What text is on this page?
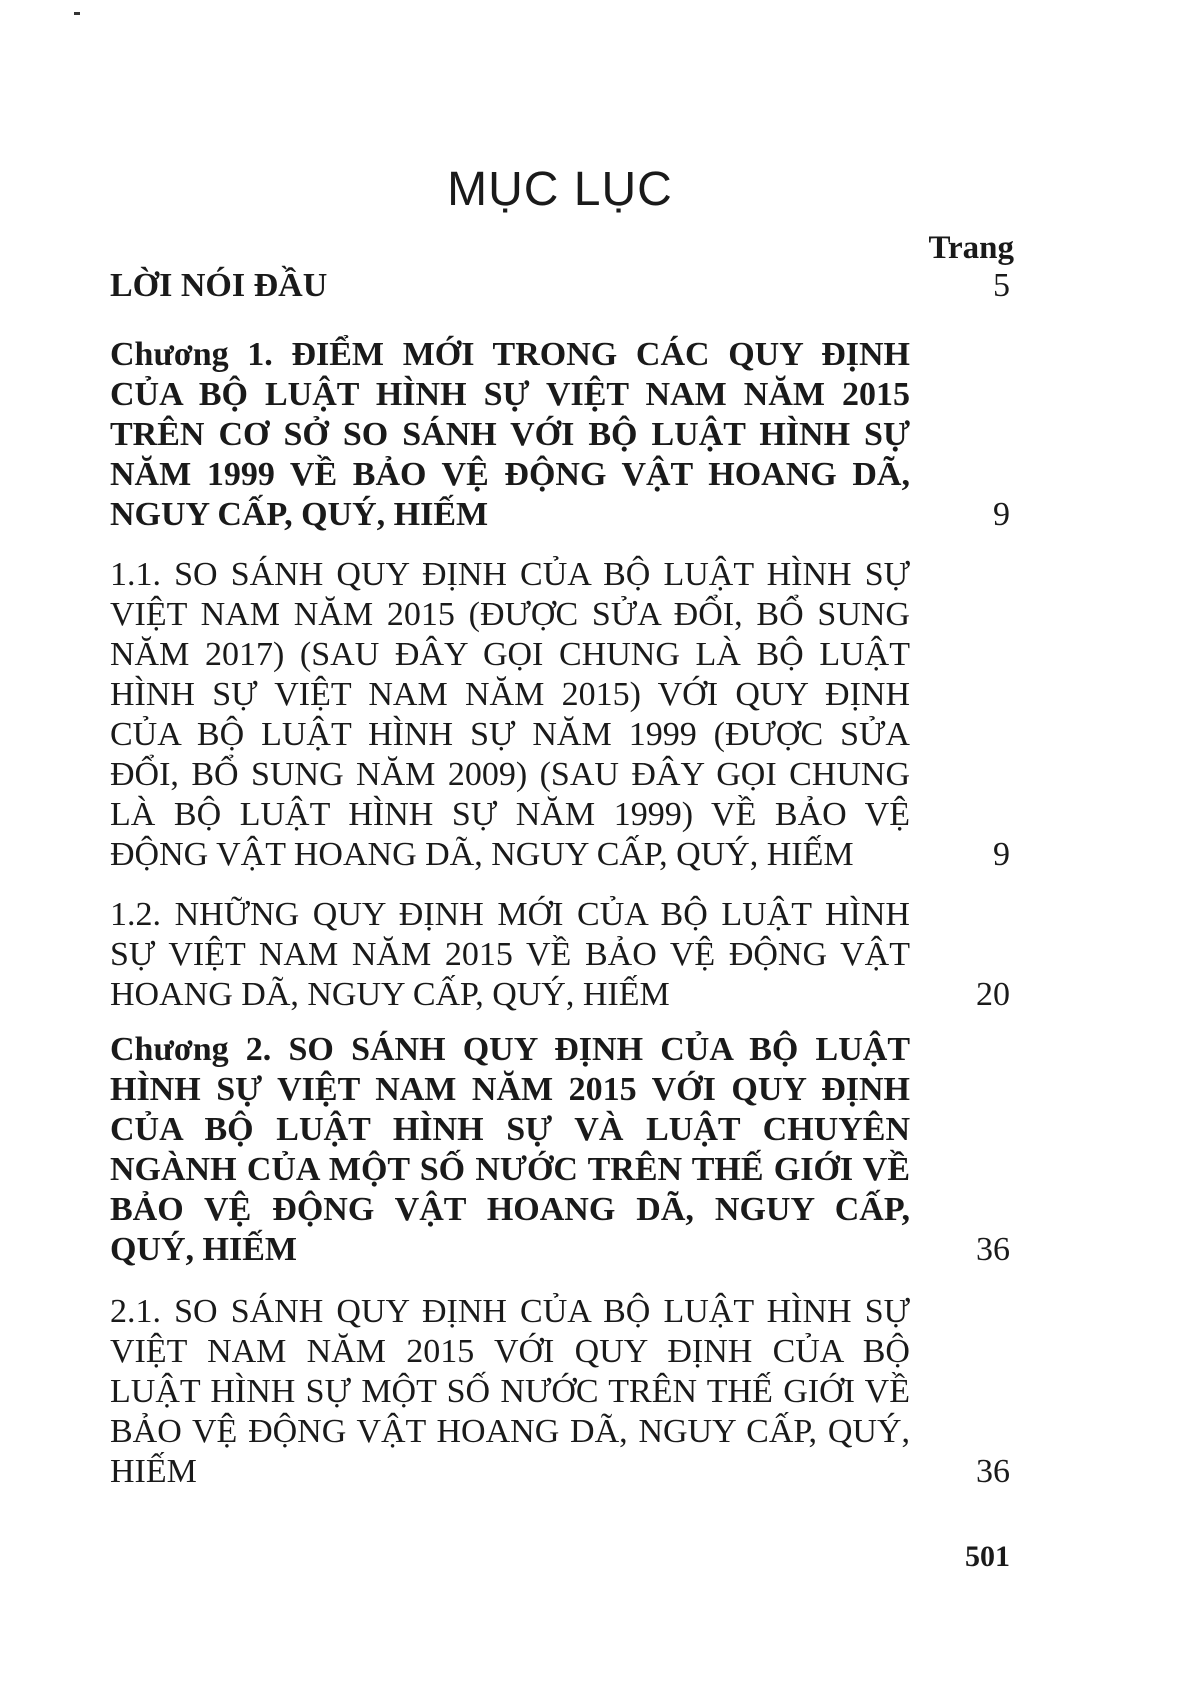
MỤC LỤC
Trang
LỜI NÓI ĐẦU	5
Chương 1. ĐIỂM MỚI TRONG CÁC QUY ĐỊNH CỦA BỘ LUẬT HÌNH SỰ VIỆT NAM NĂM 2015 TRÊN CƠ SỞ SO SÁNH VỚI BỘ LUẬT HÌNH SỰ NĂM 1999 VỀ BẢO VỆ ĐỘNG VẬT HOANG DÃ, NGUY CẤP, QUÝ, HIẾM	9
1.1. SO SÁNH QUY ĐỊNH CỦA BỘ LUẬT HÌNH SỰ VIỆT NAM NĂM 2015 (ĐƯỢC SỬA ĐỔI, BỔ SUNG NĂM 2017) (SAU ĐÂY GỌI CHUNG LÀ BỘ LUẬT HÌNH SỰ VIỆT NAM NĂM 2015) VỚI QUY ĐỊNH CỦA BỘ LUẬT HÌNH SỰ NĂM 1999 (ĐƯỢC SỬA ĐỔI, BỔ SUNG NĂM 2009) (SAU ĐÂY GỌI CHUNG LÀ BỘ LUẬT HÌNH SỰ NĂM 1999) VỀ BẢO VỆ ĐỘNG VẬT HOANG DÃ, NGUY CẤP, QUÝ, HIẾM	9
1.2. NHỮNG QUY ĐỊNH MỚI CỦA BỘ LUẬT HÌNH SỰ VIỆT NAM NĂM 2015 VỀ BẢO VỆ ĐỘNG VẬT HOANG DÃ, NGUY CẤP, QUÝ, HIẾM	20
Chương 2. SO SÁNH QUY ĐỊNH CỦA BỘ LUẬT HÌNH SỰ VIỆT NAM NĂM 2015 VỚI QUY ĐỊNH CỦA BỘ LUẬT HÌNH SỰ VÀ LUẬT CHUYÊN NGÀNH CỦA MỘT SỐ NƯỚC TRÊN THẾ GIỚI VỀ BẢO VỆ ĐỘNG VẬT HOANG DÃ, NGUY CẤP, QUÝ, HIẾM	36
2.1. SO SÁNH QUY ĐỊNH CỦA BỘ LUẬT HÌNH SỰ VIỆT NAM NĂM 2015 VỚI QUY ĐỊNH CỦA BỘ LUẬT HÌNH SỰ MỘT SỐ NƯỚC TRÊN THẾ GIỚI VỀ BẢO VỆ ĐỘNG VẬT HOANG DÃ, NGUY CẤP, QUÝ, HIẾM	36
501
